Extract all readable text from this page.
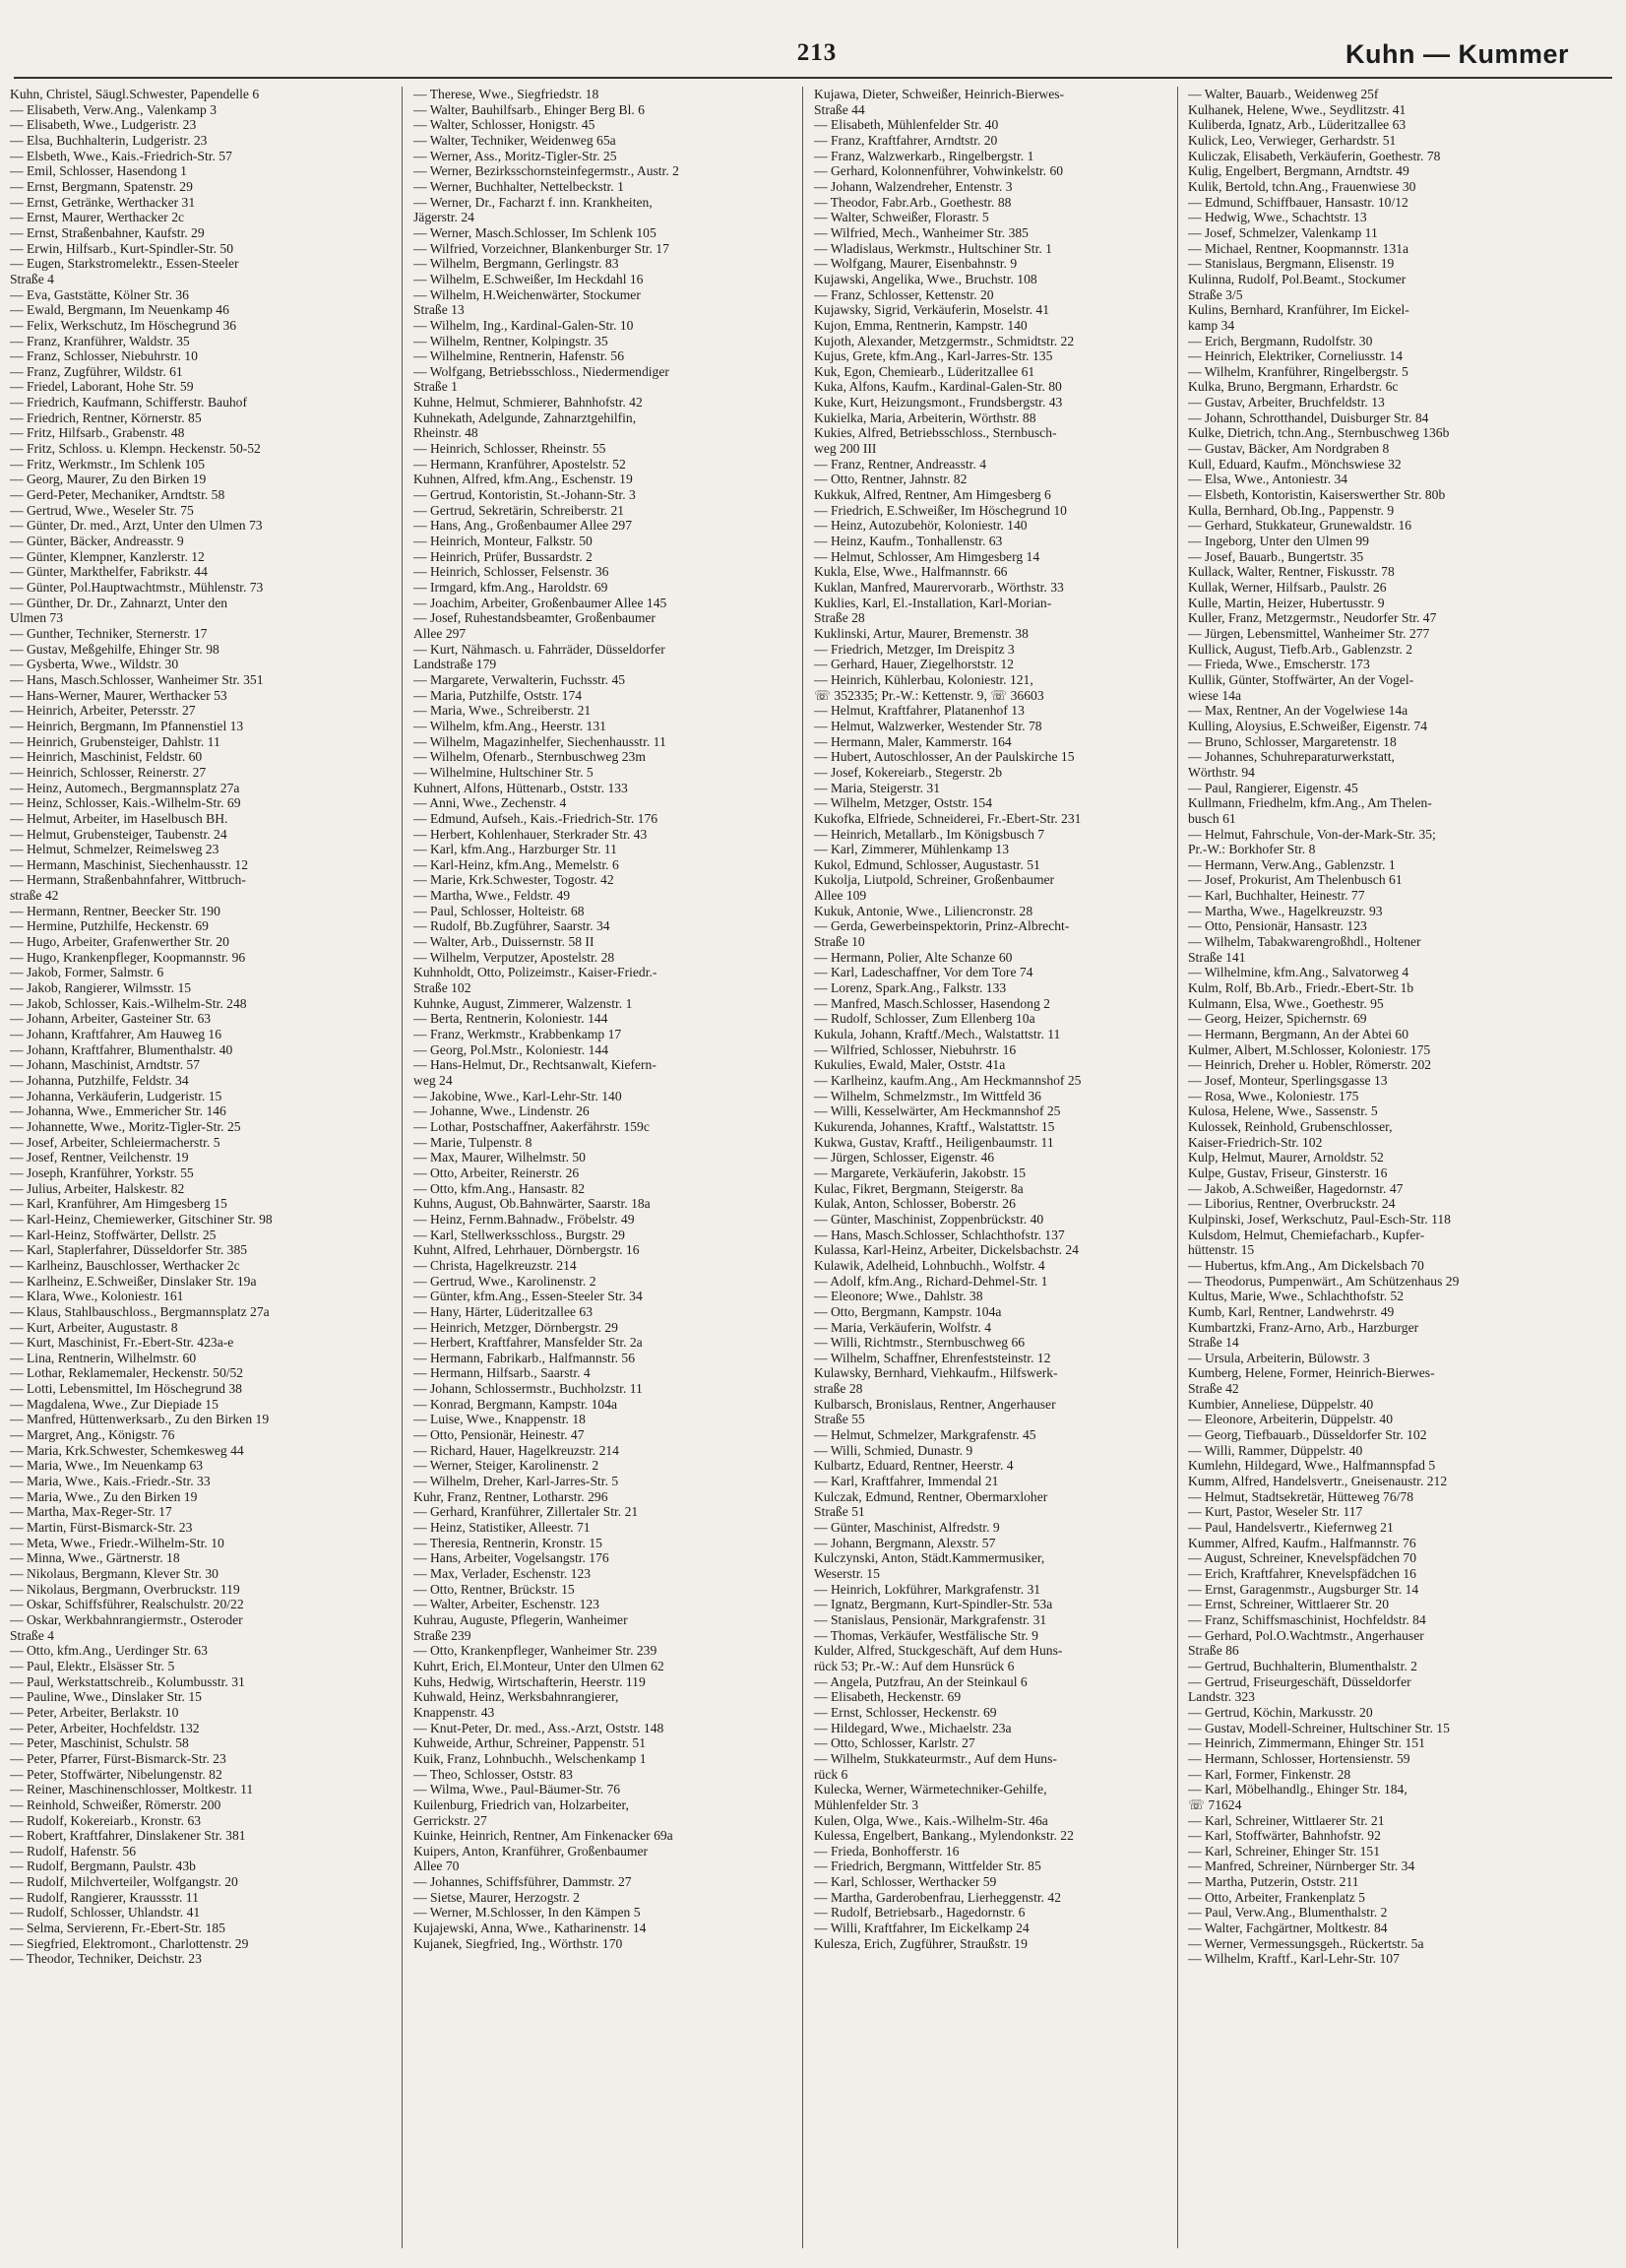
213	Kuhn — Kummer
Kuhn, Christel, Säugl.Schwester, Papendelle 6
— Elisabeth, Verw.Ang., Valenkamp 3
— Elisabeth, Wwe., Ludgeristr. 23
— Elsa, Buchhalterin, Ludgeristr. 23
— Elsbeth, Wwe., Kais.-Friedrich-Str. 57
— Emil, Schlosser, Hasendong 1
— Ernst, Bergmann, Spatenstr. 29
— Ernst, Getränke, Werthacker 31
— Ernst, Maurer, Werthacker 2c
— Ernst, Straßenbahner, Kaufstr. 29
— Erwin, Hilfsarb., Kurt-Spindler-Str. 50
— Eugen, Starkstromelektr., Essen-Steeler
Straße 4
— Eva, Gaststätte, Kölner Str. 36
— Ewald, Bergmann, Im Neuenkamp 46
— Felix, Werkschutz, Im Höschegrund 36
— Franz, Kranführer, Waldstr. 35
— Franz, Schlosser, Niebuhrstr. 10
— Franz, Zugführer, Wildstr. 61
— Friedel, Laborant, Hohe Str. 59
— Friedrich, Kaufmann, Schifferstr. Bauhof
— Friedrich, Rentner, Körnerstr. 85
— Fritz, Hilfsarb., Grabenstr. 48
— Fritz, Schloss. u. Klempn. Heckenstr. 50-52
— Fritz, Werkmstr., Im Schlenk 105
— Georg, Maurer, Zu den Birken 19
— Gerd-Peter, Mechaniker, Arndtstr. 58
— Gertrud, Wwe., Weseler Str. 75
— Günter, Dr. med., Arzt, Unter den Ulmen 73
— Günter, Bäcker, Andreasstr. 9
— Günter, Klempner, Kanzlerstr. 12
— Günter, Markthelfer, Fabrikstr. 44
— Günter, Pol.Hauptwachtmstr., Mühlenstr. 73
— Günther, Dr. Dr., Zahnarzt, Unter den
Ulmen 73
— Gunther, Techniker, Sternerstr. 17
— Gustav, Meßgehilfe, Ehinger Str. 98
— Gysberta, Wwe., Wildstr. 30
— Hans, Masch.Schlosser, Wanheimer Str. 351
— Hans-Werner, Maurer, Werthacker 53
— Heinrich, Arbeiter, Petersstr. 27
— Heinrich, Bergmann, Im Pfannenstiel 13
— Heinrich, Grubensteiger, Dahlstr. 11
— Heinrich, Maschinist, Feldstr. 60
— Heinrich, Schlosser, Reinerstr. 27
— Heinz, Automech., Bergmannsplatz 27a
— Heinz, Schlosser, Kais.-Wilhelm-Str. 69
— Helmut, Arbeiter, im Haselbusch BH.
— Helmut, Grubensteiger, Taubenstr. 24
— Helmut, Schmelzer, Reimelsweg 23
— Hermann, Maschinist, Siechenhausstr. 12
— Hermann, Straßenbahnfahrer, Wittbruch-
straße 42
— Hermann, Rentner, Beecker Str. 190
— Hermine, Putzhilfe, Heckenstr. 69
— Hugo, Arbeiter, Grafenwerther Str. 20
— Hugo, Krankenpfleger, Koopmannstr. 96
— Jakob, Former, Salmstr. 6
— Jakob, Rangierer, Wilmsstr. 15
— Jakob, Schlosser, Kais.-Wilhelm-Str. 248
— Johann, Arbeiter, Gasteiner Str. 63
— Johann, Kraftfahrer, Am Hauweg 16
— Johann, Kraftfahrer, Blumenthalstr. 40
— Johann, Maschinist, Arndtstr. 57
— Johanna, Putzhilfe, Feldstr. 34
— Johanna, Verkäuferin, Ludgeristr. 15
— Johanna, Wwe., Emmericher Str. 146
— Johannette, Wwe., Moritz-Tigler-Str. 25
— Josef, Arbeiter, Schleiermacherstr. 5
— Josef, Rentner, Veilchenstr. 19
— Joseph, Kranführer, Yorkstr. 55
— Julius, Arbeiter, Halskestr. 82
— Karl, Kranführer, Am Himgesberg 15
— Karl-Heinz, Chemiewerker, Gitschiner Str. 98
— Karl-Heinz, Stoffwärter, Dellstr. 25
— Karl, Staplerfahrer, Düsseldorfer Str. 385
— Karlheinz, Bauschlosser, Werthacker 2c
— Karlheinz, E.Schweißer, Dinslaker Str. 19a
— Klara, Wwe., Koloniestr. 161
— Klaus, Stahlbauschloss., Bergmannsplatz 27a
— Kurt, Arbeiter, Augustastr. 8
— Kurt, Maschinist, Fr.-Ebert-Str. 423a-e
— Lina, Rentnerin, Wilhelmstr. 60
— Lothar, Reklamemaler, Heckenstr. 50/52
— Lotti, Lebensmittel, Im Höschegrund 38
— Magdalena, Wwe., Zur Diepiade 15
— Manfred, Hüttenwerksarb., Zu den Birken 19
— Margret, Ang., Königstr. 76
— Maria, Krk.Schwester, Schemkesweg 44
— Maria, Wwe., Im Neuenkamp 63
— Maria, Wwe., Kais.-Friedr.-Str. 33
— Maria, Wwe., Zu den Birken 19
— Martha, Max-Reger-Str. 17
— Martin, Fürst-Bismarck-Str. 23
— Meta, Wwe., Friedr.-Wilhelm-Str. 10
— Minna, Wwe., Gärtnerstr. 18
— Nikolaus, Bergmann, Klever Str. 30
— Nikolaus, Bergmann, Overbruckstr. 119
— Oskar, Schiffsführer, Realschulstr. 20/22
— Oskar, Werkbahnrangiermstr., Osteroder
Straße 4
— Otto, kfm.Ang., Uerdinger Str. 63
— Paul, Elektr., Elsässer Str. 5
— Paul, Werkstattschreib., Kolumbusstr. 31
— Pauline, Wwe., Dinslaker Str. 15
— Peter, Arbeiter, Berlakstr. 10
— Peter, Arbeiter, Hochfeldstr. 132
— Peter, Maschinist, Schulstr. 58
— Peter, Pfarrer, Fürst-Bismarck-Str. 23
— Peter, Stoffwärter, Nibelungenstr. 82
— Reiner, Maschinenschlosser, Moltkestr. 11
— Reinhold, Schweißer, Römerstr. 200
— Rudolf, Kokereiarb., Kronstr. 63
— Robert, Kraftfahrer, Dinslakener Str. 381
— Rudolf, Hafenstr. 56
— Rudolf, Bergmann, Paulstr. 43b
— Rudolf, Milchverteiler, Wolfgangstr. 20
— Rudolf, Rangierer, Kraussstr. 11
— Rudolf, Schlosser, Uhlandstr. 41
— Selma, Servierenn, Fr.-Ebert-Str. 185
— Siegfried, Elektromont., Charlottenstr. 29
— Theodor, Techniker, Deichstr. 23
— Therese, Wwe., Siegfriedstr. 18
— Walter, Bauhilfsarb., Ehinger Berg Bl. 6
— Walter, Schlosser, Honigstr. 45
— Walter, Techniker, Weidenweg 65a
— Werner, Ass., Moritz-Tigler-Str. 25
— Werner, Bezirksschornsteinfegermstr., Austr. 2
— Werner, Buchhalter, Nettelbeckstr. 1
— Werner, Dr., Facharzt f. inn. Krankheiten,
Jägerstr. 24
— Werner, Masch.Schlosser, Im Schlenk 105
— Wilfried, Vorzeichner, Blankenburger Str. 17
— Wilhelm, Bergmann, Gerlingstr. 83
— Wilhelm, E.Schweißer, Im Heckdahl 16
— Wilhelm, H.Weichenwärter, Stockumer
Straße 13
— Wilhelm, Ing., Kardinal-Galen-Str. 10
— Wilhelm, Rentner, Kolpingstr. 35
— Wilhelmine, Rentnerin, Hafenstr. 56
— Wolfgang, Betriebsschloss., Niedermendiger
Straße 1
Kuhne, Helmut, Schmierer, Bahnhofstr. 42
Kuhnekath, Adelgunde, Zahnarztgehilfin,
Rheinstr. 48
— Heinrich, Schlosser, Rheinstr. 55
— Hermann, Kranführer, Apostelstr. 52
Kuhnen, Alfred, kfm.Ang., Eschenstr. 19
— Gertrud, Kontoristin, St.-Johann-Str. 3
— Gertrud, Sekretärin, Schreiberstr. 21
— Hans, Ang., Großenbaumer Allee 297
— Heinrich, Monteur, Falkstr. 50
— Heinrich, Prüfer, Bussardstr. 2
— Heinrich, Schlosser, Felsenstr. 36
— Irmgard, kfm.Ang., Haroldstr. 69
— Joachim, Arbeiter, Großenbaumer Allee 145
— Josef, Ruhestandsbeamter, Großenbaumer
Allee 297
— Kurt, Nähmasch. u. Fahrräder, Düsseldorfer
Landstraße 179
— Margarete, Verwalterin, Fuchsstr. 45
— Maria, Putzhilfe, Oststr. 174
— Maria, Wwe., Schreiberstr. 21
— Wilhelm, kfm.Ang., Heerstr. 131
— Wilhelm, Magazinhelfer, Siechenhausstr. 11
— Wilhelm, Ofenarb., Sternbuschweg 23m
— Wilhelmine, Hultschiner Str. 5
Kuhnert, Alfons, Hüttenarb., Oststr. 133
— Anni, Wwe., Zechenstr. 4
— Edmund, Aufseh., Kais.-Friedrich-Str. 176
— Herbert, Kohlenhauer, Sterkrader Str. 43
— Karl, kfm.Ang., Harzburger Str. 11
— Karl-Heinz, kfm.Ang., Memelstr. 6
— Marie, Krk.Schwester, Togostr. 42
— Martha, Wwe., Feldstr. 49
— Paul, Schlosser, Holteistr. 68
— Rudolf, Bb.Zugführer, Saarstr. 34
— Walter, Arb., Duissernstr. 58 II
— Wilhelm, Verputzer, Apostelstr. 28
Kuhnholdt, Otto, Polizeimstr., Kaiser-Friedr.-
Straße 102
Kuhnke, August, Zimmerer, Walzenstr. 1
— Berta, Rentnerin, Koloniestr. 144
— Franz, Werkmstr., Krabbenkamp 17
— Georg, Pol.Mstr., Koloniestr. 144
— Hans-Helmut, Dr., Rechtsanwalt, Kiefern-
weg 24
— Jakobine, Wwe., Karl-Lehr-Str. 140
— Johanne, Wwe., Lindenstr. 26
— Lothar, Postschaffner, Aakerfährstr. 159c
— Marie, Tulpenstr. 8
— Max, Maurer, Wilhelmstr. 50
— Otto, Arbeiter, Reinerstr. 26
— Otto, kfm.Ang., Hansastr. 82
Kuhns, August, Ob.Bahnwärter, Saarstr. 18a
— Heinz, Fernm.Bahnadw., Fröbelstr. 49
— Karl, Stellwerksschloss., Burgstr. 29
Kuhnt, Alfred, Lehrhauer, Dörnbergstr. 16
— Christa, Hagelkreuzstr. 214
— Gertrud, Wwe., Karolinenstr. 2
— Günter, kfm.Ang., Essen-Steeler Str. 34
— Hany, Härter, Lüderitzallee 63
— Heinrich, Metzger, Dörnbergstr. 29
— Herbert, Kraftfahrer, Mansfelder Str. 2a
— Hermann, Fabrikarb., Halfmannstr. 56
— Hermann, Hilfsarb., Saarstr. 4
— Johann, Schlossermstr., Buchholzstr. 11
— Konrad, Bergmann, Kampstr. 104a
— Luise, Wwe., Knappenstr. 18
— Otto, Pensionär, Heinestr. 47
— Richard, Hauer, Hagelkreuzstr. 214
— Werner, Steiger, Karolinenstr. 2
— Wilhelm, Dreher, Karl-Jarres-Str. 5
Kuhr, Franz, Rentner, Lotharstr. 296
— Gerhard, Kranführer, Zillertaler Str. 21
— Heinz, Statistiker, Alleestr. 71
— Theresia, Rentnerin, Kronstr. 15
— Hans, Arbeiter, Vogelsangstr. 176
— Max, Verlader, Eschenstr. 123
— Otto, Rentner, Brückstr. 15
— Walter, Arbeiter, Eschenstr. 123
Kuhrau, Auguste, Pflegerin, Wanheimer
Straße 239
— Otto, Krankenpfleger, Wanheimer Str. 239
Kuhrt, Erich, El.Monteur, Unter den Ulmen 62
Kuhs, Hedwig, Wirtschafterin, Heerstr. 119
Kuhwald, Heinz, Werksbahnrangierer,
Knappenstr. 43
— Knut-Peter, Dr. med., Ass.-Arzt, Oststr. 148
Kuhweide, Arthur, Schreiner, Pappenstr. 51
Kuik, Franz, Lohnbuchh., Welschenkamp 1
— Theo, Schlosser, Oststr. 83
— Wilma, Wwe., Paul-Bäumer-Str. 76
Kuilenburg, Friedrich van, Holzarbeiter,
Gerrickstr. 27
Kuinke, Heinrich, Rentner, Am Finkenacker 69a
Kuipers, Anton, Kranführer, Großenbaumer
Allee 70
— Johannes, Schiffsführer, Dammstr. 27
— Sietse, Maurer, Herzogstr. 2
— Werner, M.Schlosser, In den Kämpen 5
Kujajewski, Anna, Wwe., Katharinenstr. 14
Kujanek, Siegfried, Ing., Wörthstr. 170
Kujawa, Dieter, Schweißer, Heinrich-Bierwes-
Straße 44
— Elisabeth, Mühlenfelder Str. 40
— Franz, Kraftfahrer, Arndtstr. 20
— Franz, Walzwerkarb., Ringelbergstr. 1
— Gerhard, Kolonnenführer, Vohwinkelstr. 60
— Johann, Walzendreher, Entenstr. 3
— Theodor, Fabr.Arb., Goethestr. 88
— Walter, Schweißer, Florastr. 5
— Wilfried, Mech., Wanheimer Str. 385
— Wladislaus, Werkmstr., Hultschiner Str. 1
— Wolfgang, Maurer, Eisenbahnstr. 9
Kujawski, Angelika, Wwe., Bruchstr. 108
— Franz, Schlosser, Kettenstr. 20
Kujawsky, Sigrid, Verkäuferin, Moselstr. 41
Kujon, Emma, Rentnerin, Kampstr. 140
Kujoth, Alexander, Metzgermstr., Schmidtstr. 22
Kujus, Grete, kfm.Ang., Karl-Jarres-Str. 135
Kuk, Egon, Chemiearb., Lüderitzallee 61
Kuka, Alfons, Kaufm., Kardinal-Galen-Str. 80
Kuke, Kurt, Heizungsmont., Frundsbergstr. 43
Kukielka, Maria, Arbeiterin, Wörthstr. 88
Kukies, Alfred, Betriebsschloss., Sternbusch-
weg 200 III
— Franz, Rentner, Andreasstr. 4
— Otto, Rentner, Jahnstr. 82
Kukkuk, Alfred, Rentner, Am Himgesberg 6
— Friedrich, E.Schweißer, Im Höschegrund 10
— Heinz, Autozubehör, Koloniestr. 140
— Heinz, Kaufm., Tonhallenstr. 63
— Helmut, Schlosser, Am Himgesberg 14
Kukla, Else, Wwe., Halfmannstr. 66
Kuklan, Manfred, Maurervorarb., Wörthstr. 33
Kuklies, Karl, El.-Installation, Karl-Morian-
Straße 28
Kuklinski, Artur, Maurer, Bremenstr. 38
— Friedrich, Metzger, Im Dreispitz 3
— Gerhard, Hauer, Ziegelhorststr. 12
— Heinrich, Kühlerbau, Koloniestr. 121,
☏ 352335; Pr.-W.: Kettenstr. 9, ☏ 36603
— Helmut, Kraftfahrer, Platanenhof 13
— Helmut, Walzwerker, Westender Str. 78
— Hermann, Maler, Kammerstr. 164
— Hubert, Autoschlosser, An der Paulskirche 15
— Josef, Kokereiarb., Stegerstr. 2b
— Maria, Steigerstr. 31
— Wilhelm, Metzger, Oststr. 154
Kukofka, Elfriede, Schneiderei, Fr.-Ebert-Str. 231
— Heinrich, Metallarb., Im Königsbusch 7
— Karl, Zimmerer, Mühlenkamp 13
Kukol, Edmund, Schlosser, Augustastr. 51
Kukolja, Liutpold, Schreiner, Großenbaumer
Allee 109
Kukuk, Antonie, Wwe., Liliencronstr. 28
— Gerda, Gewerbeinspektorin, Prinz-Albrecht-
Straße 10
— Hermann, Polier, Alte Schanze 60
— Karl, Ladeschaffner, Vor dem Tore 74
— Lorenz, Spark.Ang., Falkstr. 133
— Manfred, Masch.Schlosser, Hasendong 2
— Rudolf, Schlosser, Zum Ellenberg 10a
Kukula, Johann, Kraftf./Mech., Walstattstr. 11
— Wilfried, Schlosser, Niebuhrstr. 16
Kukulies, Ewald, Maler, Oststr. 41a
— Karlheinz, kaufm.Ang., Am Heckmannshof 25
— Wilhelm, Schmelzmstr., Im Wittfeld 36
— Willi, Kesselwärter, Am Heckmannshof 25
Kukurenda, Johannes, Kraftf., Walstattstr. 15
Kukwa, Gustav, Kraftf., Heiligenbaumstr. 11
— Jürgen, Schlosser, Eigenstr. 46
— Margarete, Verkäuferin, Jakobstr. 15
Kulac, Fikret, Bergmann, Steigerstr. 8a
Kulak, Anton, Schlosser, Boberstr. 26
— Günter, Maschinist, Zoppenbrückstr. 40
— Hans, Masch.Schlosser, Schlachthofstr. 137
Kulassa, Karl-Heinz, Arbeiter, Dickelsbachstr. 24
Kulawik, Adelheid, Lohnbuchh., Wolfstr. 4
— Adolf, kfm.Ang., Richard-Dehmel-Str. 1
— Eleonore; Wwe., Dahlstr. 38
— Otto, Bergmann, Kampstr. 104a
— Maria, Verkäuferin, Wolfstr. 4
— Willi, Richtmstr., Sternbuschweg 66
— Wilhelm, Schaffner, Ehrenfeststeinstr. 12
Kulawsky, Bernhard, Viehkaufm., Hilfswerk-
straße 28
Kulbarsch, Bronislaus, Rentner, Angerhauser
Straße 55
— Helmut, Schmelzer, Markgrafenstr. 45
— Willi, Schmied, Dunastr. 9
Kulbartz, Eduard, Rentner, Heerstr. 4
— Karl, Kraftfahrer, Immendal 21
Kulczak, Edmund, Rentner, Obermarxloher
Straße 51
— Günter, Maschinist, Alfredstr. 9
— Johann, Bergmann, Alexstr. 57
Kulczynski, Anton, Städt.Kammermusiker,
Weserstr. 15
— Heinrich, Lokführer, Markgrafenstr. 31
— Ignatz, Bergmann, Kurt-Spindler-Str. 53a
— Stanislaus, Pensionär, Markgrafenstr. 31
— Thomas, Verkäufer, Westfälische Str. 9
Kulder, Alfred, Stuckgeschäft, Auf dem Huns-
rück 53; Pr.-W.: Auf dem Hunsrück 6
— Angela, Putzfrau, An der Steinkaul 6
— Elisabeth, Heckenstr. 69
— Ernst, Schlosser, Heckenstr. 69
— Hildegard, Wwe., Michaelstr. 23a
— Otto, Schlosser, Karlstr. 27
— Wilhelm, Stukkateurmstr., Auf dem Huns-
rück 6
Kulecka, Werner, Wärmetechniker-Gehilfe,
Mühlenfelder Str. 3
Kulen, Olga, Wwe., Kais.-Wilhelm-Str. 46a
Kulessa, Engelbert, Bankang., Mylendonkstr. 22
— Frieda, Bonhofferstr. 16
— Friedrich, Bergmann, Wittfelder Str. 85
— Karl, Schlosser, Werthacker 59
— Martha, Garderobenfrau, Lierheggenstr. 42
— Rudolf, Betriebsarb., Hagedornstr. 6
— Willi, Kraftfahrer, Im Eickelkamp 24
Kulesza, Erich, Zugführer, Straußstr. 19
— Walter, Bauarb., Weidenweg 25f
Kulhanek, Helene, Wwe., Seydlitzstr. 41
Kuliberda, Ignatz, Arb., Lüderitzallee 63
Kulick, Leo, Verwieger, Gerhardstr. 51
Kuliczak, Elisabeth, Verkäuferin, Goethestr. 78
Kulig, Engelbert, Bergmann, Arndtstr. 49
Kulik, Bertold, tchn.Ang., Frauenwiese 30
— Edmund, Schiffbauer, Hansastr. 10/12
— Hedwig, Wwe., Schachtstr. 13
— Josef, Schmelzer, Valenkamp 11
— Michael, Rentner, Koopmannstr. 131a
— Stanislaus, Bergmann, Elisenstr. 19
Kulinna, Rudolf, Pol.Beamt., Stockumer
Straße 3/5
Kulins, Bernhard, Kranführer, Im Eickel-
kamp 34
— Erich, Bergmann, Rudolfstr. 30
— Heinrich, Elektriker, Corneliusstr. 14
— Wilhelm, Kranführer, Ringelbergstr. 5
Kulka, Bruno, Bergmann, Erhardstr. 6c
— Gustav, Arbeiter, Bruchfeldstr. 13
— Johann, Schrotthandel, Duisburger Str. 84
Kulke, Dietrich, tchn.Ang., Sternbuschweg 136b
— Gustav, Bäcker, Am Nordgraben 8
Kull, Eduard, Kaufm., Mönchswiese 32
— Elsa, Wwe., Antoniestr. 34
— Elsbeth, Kontoristin, Kaiserswerther Str. 80b
Kulla, Bernhard, Ob.Ing., Pappenstr. 9
— Gerhard, Stukkateur, Grunewaldstr. 16
— Ingeborg, Unter den Ulmen 99
— Josef, Bauarb., Bungertstr. 35
Kullack, Walter, Rentner, Fiskusstr. 78
Kullak, Werner, Hilfsarb., Paulstr. 26
Kulle, Martin, Heizer, Hubertusstr. 9
Kuller, Franz, Metzgermstr., Neudorfer Str. 47
— Jürgen, Lebensmittel, Wanheimer Str. 277
Kullick, August, Tiefb.Arb., Gablenzstr. 2
— Frieda, Wwe., Emscherstr. 173
Kullik, Günter, Stoffwärter, An der Vogel-
wiese 14a
— Max, Rentner, An der Vogelwiese 14a
Kulling, Aloysius, E.Schweißer, Eigenstr. 74
— Bruno, Schlosser, Margaretenstr. 18
— Johannes, Schuhreparaturwerkstatt,
Wörthstr. 94
— Paul, Rangierer, Eigenstr. 45
Kullmann, Friedhelm, kfm.Ang., Am Thelen-
busch 61
— Helmut, Fahrschule, Von-der-Mark-Str. 35;
Pr.-W.: Borkhofer Str. 8
— Hermann, Verw.Ang., Gablenzstr. 1
— Josef, Prokurist, Am Thelenbusch 61
— Karl, Buchhalter, Heinestr. 77
— Martha, Wwe., Hagelkreuzstr. 93
— Otto, Pensionär, Hansastr. 123
— Wilhelm, Tabakwarengroßhdl., Holtener
Straße 141
— Wilhelmine, kfm.Ang., Salvatorweg 4
Kulm, Rolf, Bb.Arb., Friedr.-Ebert-Str. 1b
Kulmann, Elsa, Wwe., Goethestr. 95
— Georg, Heizer, Spichernstr. 69
— Hermann, Bergmann, An der Abtei 60
Kulmer, Albert, M.Schlosser, Koloniestr. 175
— Heinrich, Dreher u. Hobler, Römerstr. 202
— Josef, Monteur, Sperlingsgasse 13
— Rosa, Wwe., Koloniestr. 175
Kulosa, Helene, Wwe., Sassenstr. 5
Kulossek, Reinhold, Grubenschlosser,
Kaiser-Friedrich-Str. 102
Kulp, Helmut, Maurer, Arnoldstr. 52
Kulpe, Gustav, Friseur, Ginsterstr. 16
— Jakob, A.Schweißer, Hagedornstr. 47
— Liborius, Rentner, Overbruckstr. 24
Kulpinski, Josef, Werkschutz, Paul-Esch-Str. 118
Kulsdom, Helmut, Chemiefacharb., Kupfer-
hüttenstr. 15
— Hubertus, kfm.Ang., Am Dickelsbach 70
— Theodorus, Pumpenwärt., Am Schützenhaus 29
Kultus, Marie, Wwe., Schlachthofstr. 52
Kumb, Karl, Rentner, Landwehrstr. 49
Kumbartzki, Franz-Arno, Arb., Harzburger
Straße 14
— Ursula, Arbeiterin, Bülowstr. 3
Kumberg, Helene, Former, Heinrich-Bierwes-
Straße 42
Kumbier, Anneliese, Düppelstr. 40
— Eleonore, Arbeiterin, Düppelstr. 40
— Georg, Tiefbauarb., Düsseldorfer Str. 102
— Willi, Rammer, Düppelstr. 40
Kumlehn, Hildegard, Wwe., Halfmannspfad 5
Kumm, Alfred, Handelsvertr., Gneisenaustr. 212
— Helmut, Stadtsekretär, Hütteweg 76/78
— Kurt, Pastor, Weseler Str. 117
— Paul, Handelsvertr., Kiefernweg 21
Kummer, Alfred, Kaufm., Halfmannstr. 76
— August, Schreiner, Knevelspfädchen 70
— Erich, Kraftfahrer, Knevelspfädchen 16
— Ernst, Garagenmstr., Augsburger Str. 14
— Ernst, Schreiner, Wittlaerer Str. 20
— Franz, Schiffsmaschinist, Hochfeldstr. 84
— Gerhard, Pol.O.Wachtmstr., Angerhauser
Straße 86
— Gertrud, Buchhalterin, Blumenthalstr. 2
— Gertrud, Friseurgeschäft, Düsseldorfer
Landstr. 323
— Gertrud, Köchin, Markusstr. 20
— Gustav, Modell-Schreiner, Hultschiner Str. 15
— Heinrich, Zimmermann, Ehinger Str. 151
— Hermann, Schlosser, Hortensienstr. 59
— Karl, Former, Finkenstr. 28
— Karl, Möbelhandlg., Ehinger Str. 184,
☏ 71624
— Karl, Schreiner, Wittlaerer Str. 21
— Karl, Stoffwärter, Bahnhofstr. 92
— Karl, Schreiner, Ehinger Str. 151
— Manfred, Schreiner, Nürnberger Str. 34
— Martha, Putzerin, Oststr. 211
— Otto, Arbeiter, Frankenplatz 5
— Paul, Verw.Ang., Blumenthalstr. 2
— Walter, Fachgärtner, Moltkestr. 84
— Werner, Vermessungsgeh., Rückertstr. 5a
— Wilhelm, Kraftf., Karl-Lehr-Str. 107
